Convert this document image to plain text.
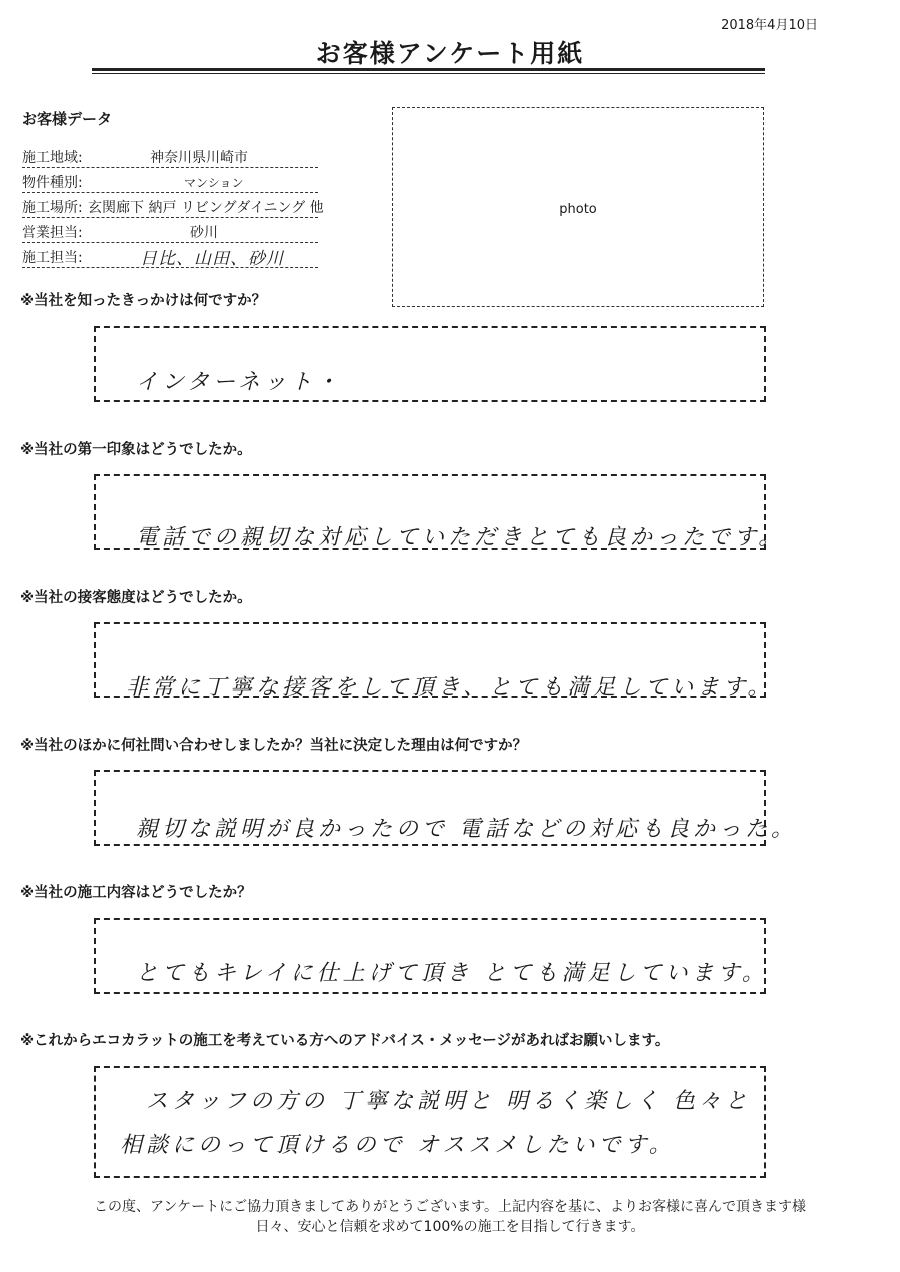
2018年4月10日
お客様アンケート用紙
お客様データ
施工地域:	神奈川県川崎市
物件種別:	マンション
施工場所: 玄関廊下 納戸 リビングダイニング 他
営業担当:	砂川
施工担当:	日比、山田、砂川
photo
※当社を知ったきっかけは何ですか？
インターネット・
※当社の第一印象はどうでしたか。
電話での親切な対応していただきとても良かったです。
※当社の接客態度はどうでしたか。
非常に丁寧な接客をして頂き、とても満足しています。
※当社のほかに何社問い合わせしましたか？当社に決定した理由は何ですか？
親切な説明が良かったので 電話などの対応も良かった。
※当社の施工内容はどうでしたか？
とてもキレイに仕上げて頂き とても満足しています。
※これからエコカラットの施工を考えている方へのアドバイス・メッセージがあればお願いします。
スタッフの方の 丁寧な説明と 明るく楽しく 色々と
相談にのって頂けるので オススメしたいです。
この度、アンケートにご協力頂きましてありがとうございます。上記内容を基に、よりお客様に喜んで頂きます様
日々、安心と信頼を求めて100%の施工を目指して行きます。
